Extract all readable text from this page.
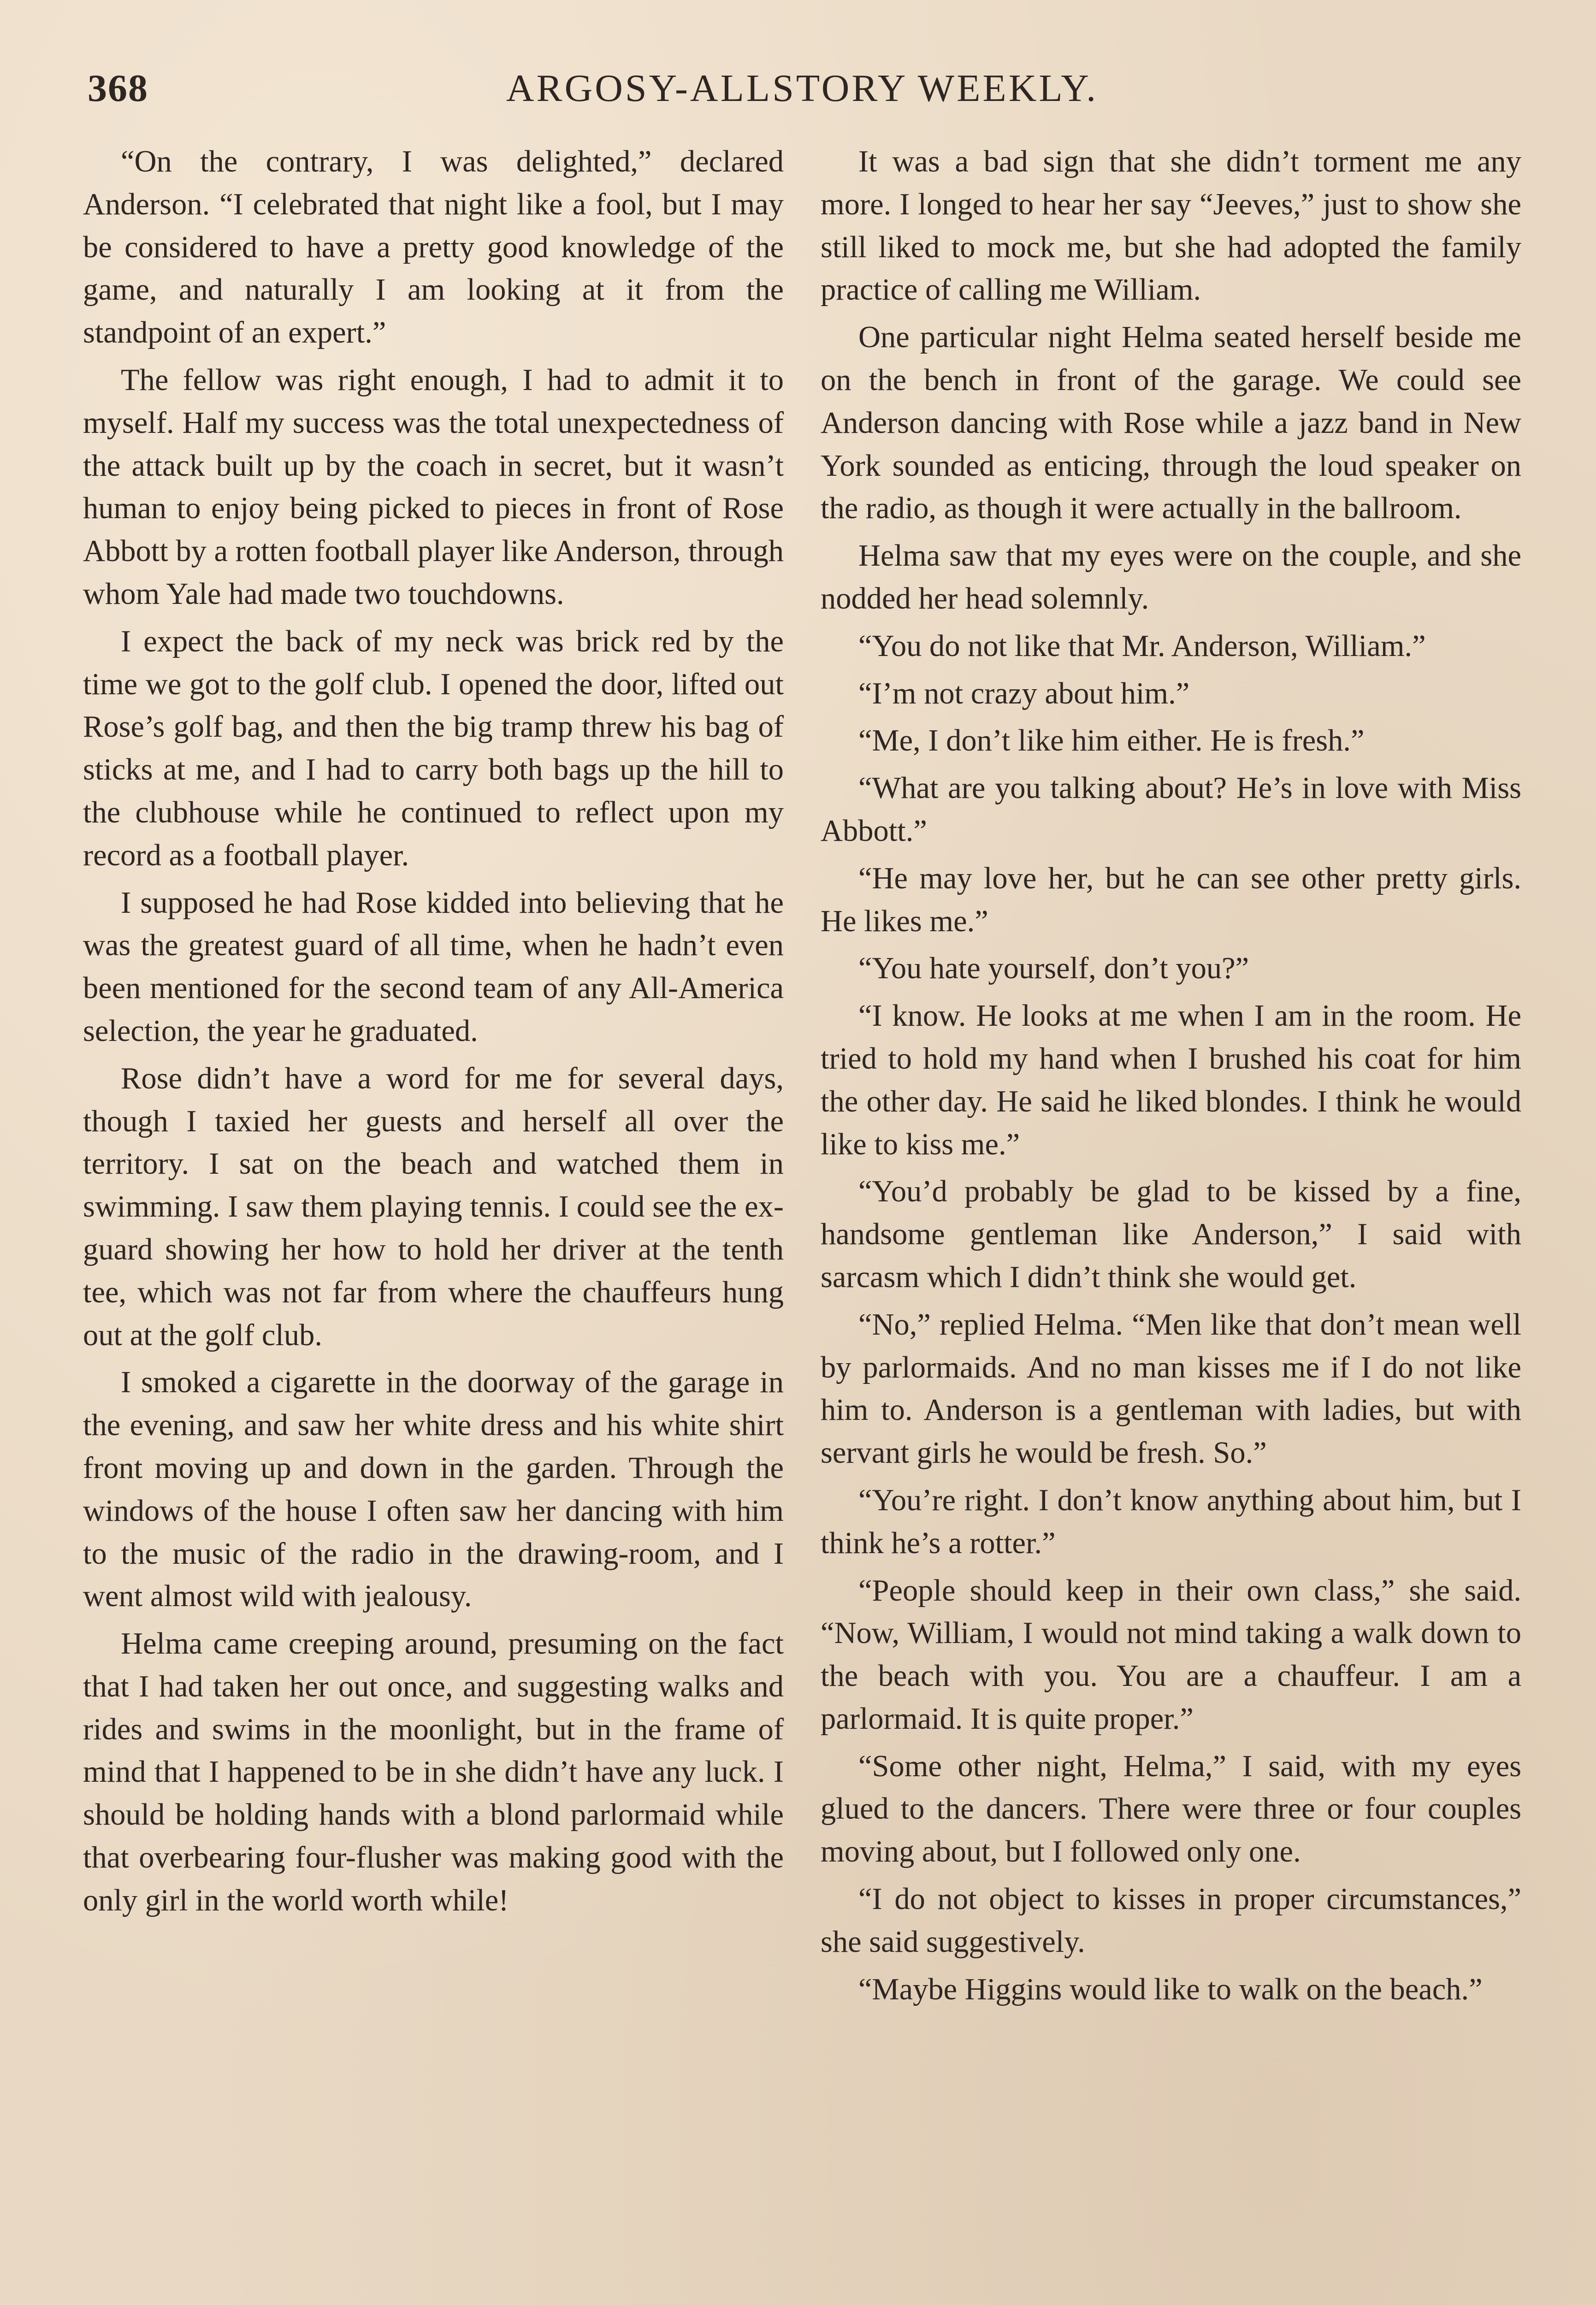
368	ARGOSY-ALLSTORY WEEKLY.

“On the contrary, I was delighted,” declared Anderson. “I celebrated that night like a fool, but I may be considered to have a pretty good knowledge of the game, and naturally I am looking at it from the standpoint of an expert.”

The fellow was right enough, I had to admit it to myself. Half my success was the total unexpectedness of the attack built up by the coach in secret, but it wasn’t human to enjoy being picked to pieces in front of Rose Abbott by a rotten football player like Anderson, through whom Yale had made two touchdowns.

I expect the back of my neck was brick red by the time we got to the golf club. I opened the door, lifted out Rose’s golf bag, and then the big tramp threw his bag of sticks at me, and I had to carry both bags up the hill to the clubhouse while he continued to reflect upon my record as a football player.

I supposed he had Rose kidded into believing that he was the greatest guard of all time, when he hadn’t even been mentioned for the second team of any All-America selection, the year he graduated.

Rose didn’t have a word for me for several days, though I taxied her guests and herself all over the territory. I sat on the beach and watched them in swimming. I saw them playing tennis. I could see the ex-guard showing her how to hold her driver at the tenth tee, which was not far from where the chauffeurs hung out at the golf club.

I smoked a cigarette in the doorway of the garage in the evening, and saw her white dress and his white shirt front moving up and down in the garden. Through the windows of the house I often saw her dancing with him to the music of the radio in the drawing-room, and I went almost wild with jealousy.

Helma came creeping around, presuming on the fact that I had taken her out once, and suggesting walks and rides and swims in the moonlight, but in the frame of mind that I happened to be in she didn’t have any luck. I should be holding hands with a blond parlormaid while that overbearing four-flusher was making good with the only girl in the world worth while!

It was a bad sign that she didn’t torment me any more. I longed to hear her say “Jeeves,” just to show she still liked to mock me, but she had adopted the family practice of calling me William.

One particular night Helma seated herself beside me on the bench in front of the garage. We could see Anderson dancing with Rose while a jazz band in New York sounded as enticing, through the loud speaker on the radio, as though it were actually in the ballroom.

Helma saw that my eyes were on the couple, and she nodded her head solemnly.

“You do not like that Mr. Anderson, William.”

“I’m not crazy about him.”

“Me, I don’t like him either. He is fresh.”

“What are you talking about? He’s in love with Miss Abbott.”

“He may love her, but he can see other pretty girls. He likes me.”

“You hate yourself, don’t you?”

“I know. He looks at me when I am in the room. He tried to hold my hand when I brushed his coat for him the other day. He said he liked blondes. I think he would like to kiss me.”

“You’d probably be glad to be kissed by a fine, handsome gentleman like Anderson,” I said with sarcasm which I didn’t think she would get.

“No,” replied Helma. “Men like that don’t mean well by parlormaids. And no man kisses me if I do not like him to. Anderson is a gentleman with ladies, but with servant girls he would be fresh. So.”

“You’re right. I don’t know anything about him, but I think he’s a rotter.”

“People should keep in their own class,” she said. “Now, William, I would not mind taking a walk down to the beach with you. You are a chauffeur. I am a parlormaid. It is quite proper.”

“Some other night, Helma,” I said, with my eyes glued to the dancers. There were three or four couples moving about, but I followed only one.

“I do not object to kisses in proper circumstances,” she said suggestively.

“Maybe Higgins would like to walk on the beach.”
